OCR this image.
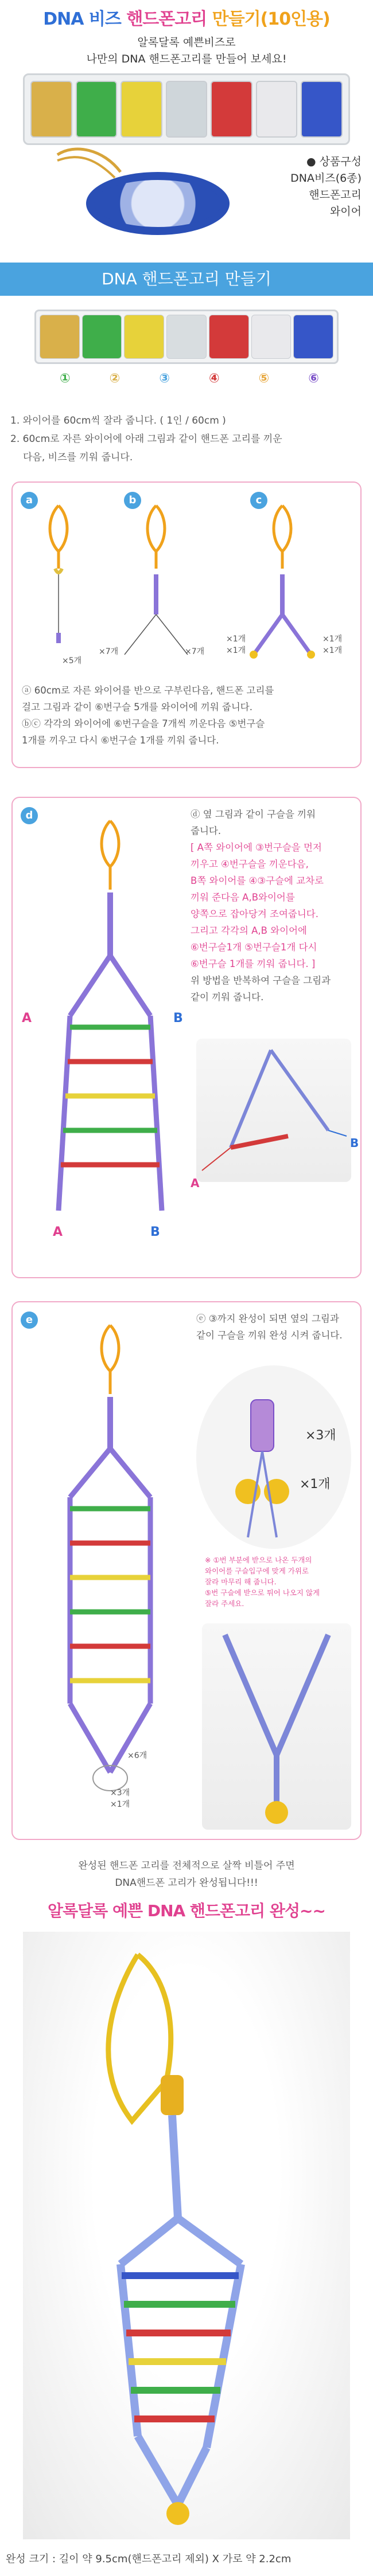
DNA 비즈 핸드폰고리 만들기(10인용)
알록달록 예쁜비즈로
나만의 DNA 핸드폰고리를 만들어 보세요!
● 상품구성
DNA비즈(6종)
핸드폰고리
와이어
DNA 핸드폰고리 만들기
①	②	③	④	⑤	⑥
1. 와이어를 60cm씩 잘라 줍니다. ( 1인 / 60cm )
2. 60cm로 자른 와이어에 아래 그림과 같이 핸드폰 고리를 끼운
다음, 비즈를 끼워 줍니다.
a	b	c
×5개
×7개	×7개
×1개
×1개
×1개
×1개
ⓐ 60cm로 자른 와이어를 반으로 구부린다음, 핸드폰 고리를
걸고 그림과 같이 ⑥번구슬 5개를 와이어에 끼워 줍니다.
ⓑⓒ 각각의 와이어에 ⑥번구슬을 7개씩 끼운다음 ⑤번구슬
1개를 끼우고 다시 ⑥번구슬 1개를 끼워 줍니다.
d
A	B
A	B
ⓓ 옆 그림과 같이 구슬을 끼워
줍니다.
[ A쪽 와이어에 ③번구슬을 먼저
끼우고 ④번구슬을 끼운다음,
B쪽 와이어를 ④③구슬에 교차로
끼워 준다음 A,B와이어를
양쪽으로 잡아당겨 조여줍니다.
그리고 각각의 A,B 와이어에
⑥번구슬1개 ⑤번구슬1개 다시
⑥번구슬 1개를 끼워 줍니다. ]
위 방법을 반복하여 구슬을 그림과
같이 끼워 줍니다.
A
B
e
×6개
×3개
×1개
ⓔ ③까지 완성이 되면 옆의 그림과
같이 구슬을 끼워 완성 시켜 줍니다.
×3개
×1개
※ ①번 부분에 받으로 나온 두개의
와이어를 구슬입구에 맞게 가위로
잘라 마무리 해 줍니다.
⑤번 구슬에 받으로 튀어 나오지 않게
잘라 주세요.
완성된 핸드폰 고리를 전체적으로 살짝 비틀어 주면
DNA핸드폰 고리가 완성됩니다!!!
알록달록 예쁜 DNA 핸드폰고리 완성~~
완성 크기 : 길이 약 9.5cm(핸드폰고리 제외) X 가로 약 2.2cm
